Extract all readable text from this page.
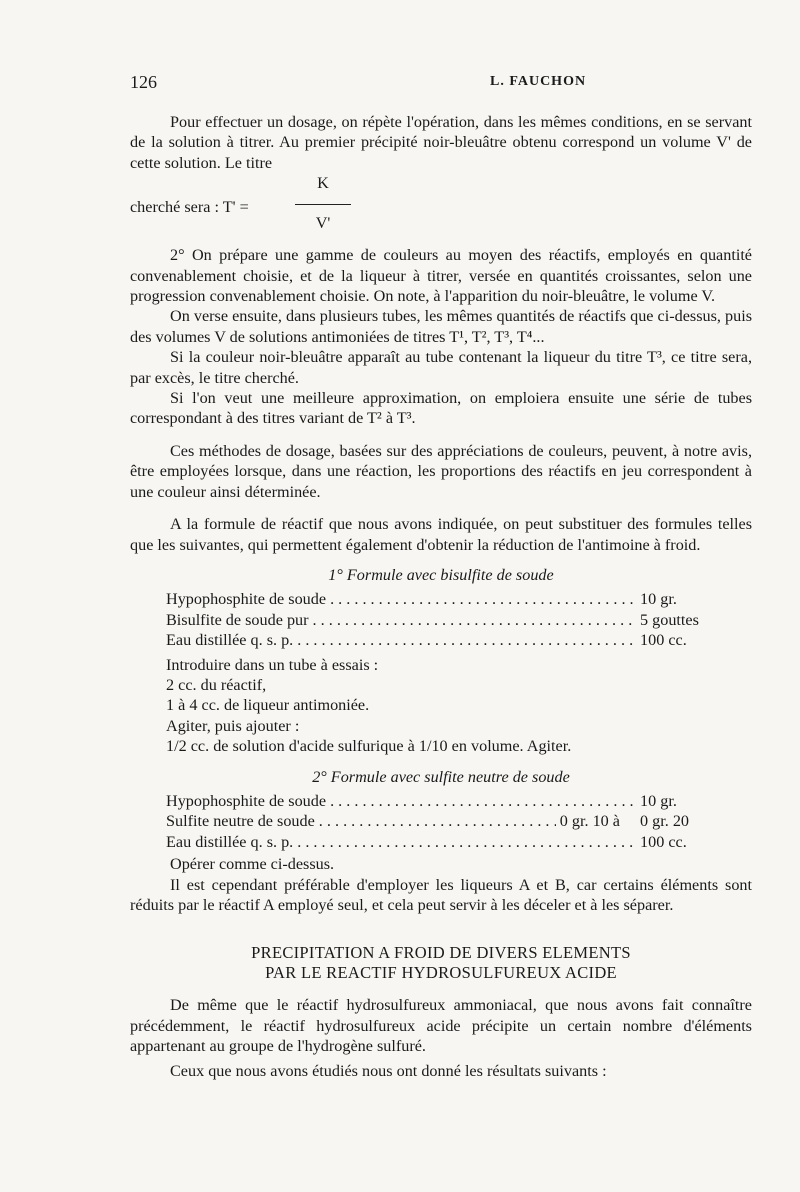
126	L. FAUCHON

Pour effectuer un dosage, on répète l'opération, dans les mêmes conditions, en se servant de la solution à titrer. Au premier précipité noir-bleuâtre obtenu correspond un volume V' de cette solution. Le titre

cherché sera : T' =
K
V'

2° On prépare une gamme de couleurs au moyen des réactifs, employés en quantité convenablement choisie, et de la liqueur à titrer, versée en quantités croissantes, selon une progression convenablement choisie. On note, à l'apparition du noir-bleuâtre, le volume V.

On verse ensuite, dans plusieurs tubes, les mêmes quantités de réactifs que ci-dessus, puis des volumes V de solutions antimoniées de titres T¹, T², T³, T⁴...

Si la couleur noir-bleuâtre apparaît au tube contenant la liqueur du titre T³, ce titre sera, par excès, le titre cherché.

Si l'on veut une meilleure approximation, on emploiera ensuite une série de tubes correspondant à des titres variant de T² à T³.

Ces méthodes de dosage, basées sur des appréciations de couleurs, peuvent, à notre avis, être employées lorsque, dans une réaction, les proportions des réactifs en jeu correspondent à une couleur ainsi déterminée.

A la formule de réactif que nous avons indiquée, on peut substituer des formules telles que les suivantes, qui permettent également d'obtenir la réduction de l'antimoine à froid.

1° Formule avec bisulfite de soude
Hypophosphite de soude . . .	10 gr.
Bisulfite de soude pur . . .	5 gouttes
Eau distillée q. s. p. . . .	100 cc.

Introduire dans un tube à essais :

2 cc. du réactif,

1 à 4 cc. de liqueur antimoniée.

Agiter, puis ajouter :

1/2 cc. de solution d'acide sulfurique à 1/10 en volume. Agiter.

2° Formule avec sulfite neutre de soude
Hypophosphite de soude . . .	10 gr.
Sulfite neutre de soude . . .	0 gr. 10 à 0 gr. 20
Eau distillée q. s. p. . . .	100 cc.

Opérer comme ci-dessus.

Il est cependant préférable d'employer les liqueurs A et B, car certains éléments sont réduits par le réactif A employé seul, et cela peut servir à les déceler et à les séparer.

PRECIPITATION A FROID DE DIVERS ELEMENTS
PAR LE REACTIF HYDROSULFUREUX ACIDE

De même que le réactif hydrosulfureux ammoniacal, que nous avons fait connaître précédemment, le réactif hydrosulfureux acide précipite un certain nombre d'éléments appartenant au groupe de l'hydrogène sulfuré.

Ceux que nous avons étudiés nous ont donné les résultats suivants :
